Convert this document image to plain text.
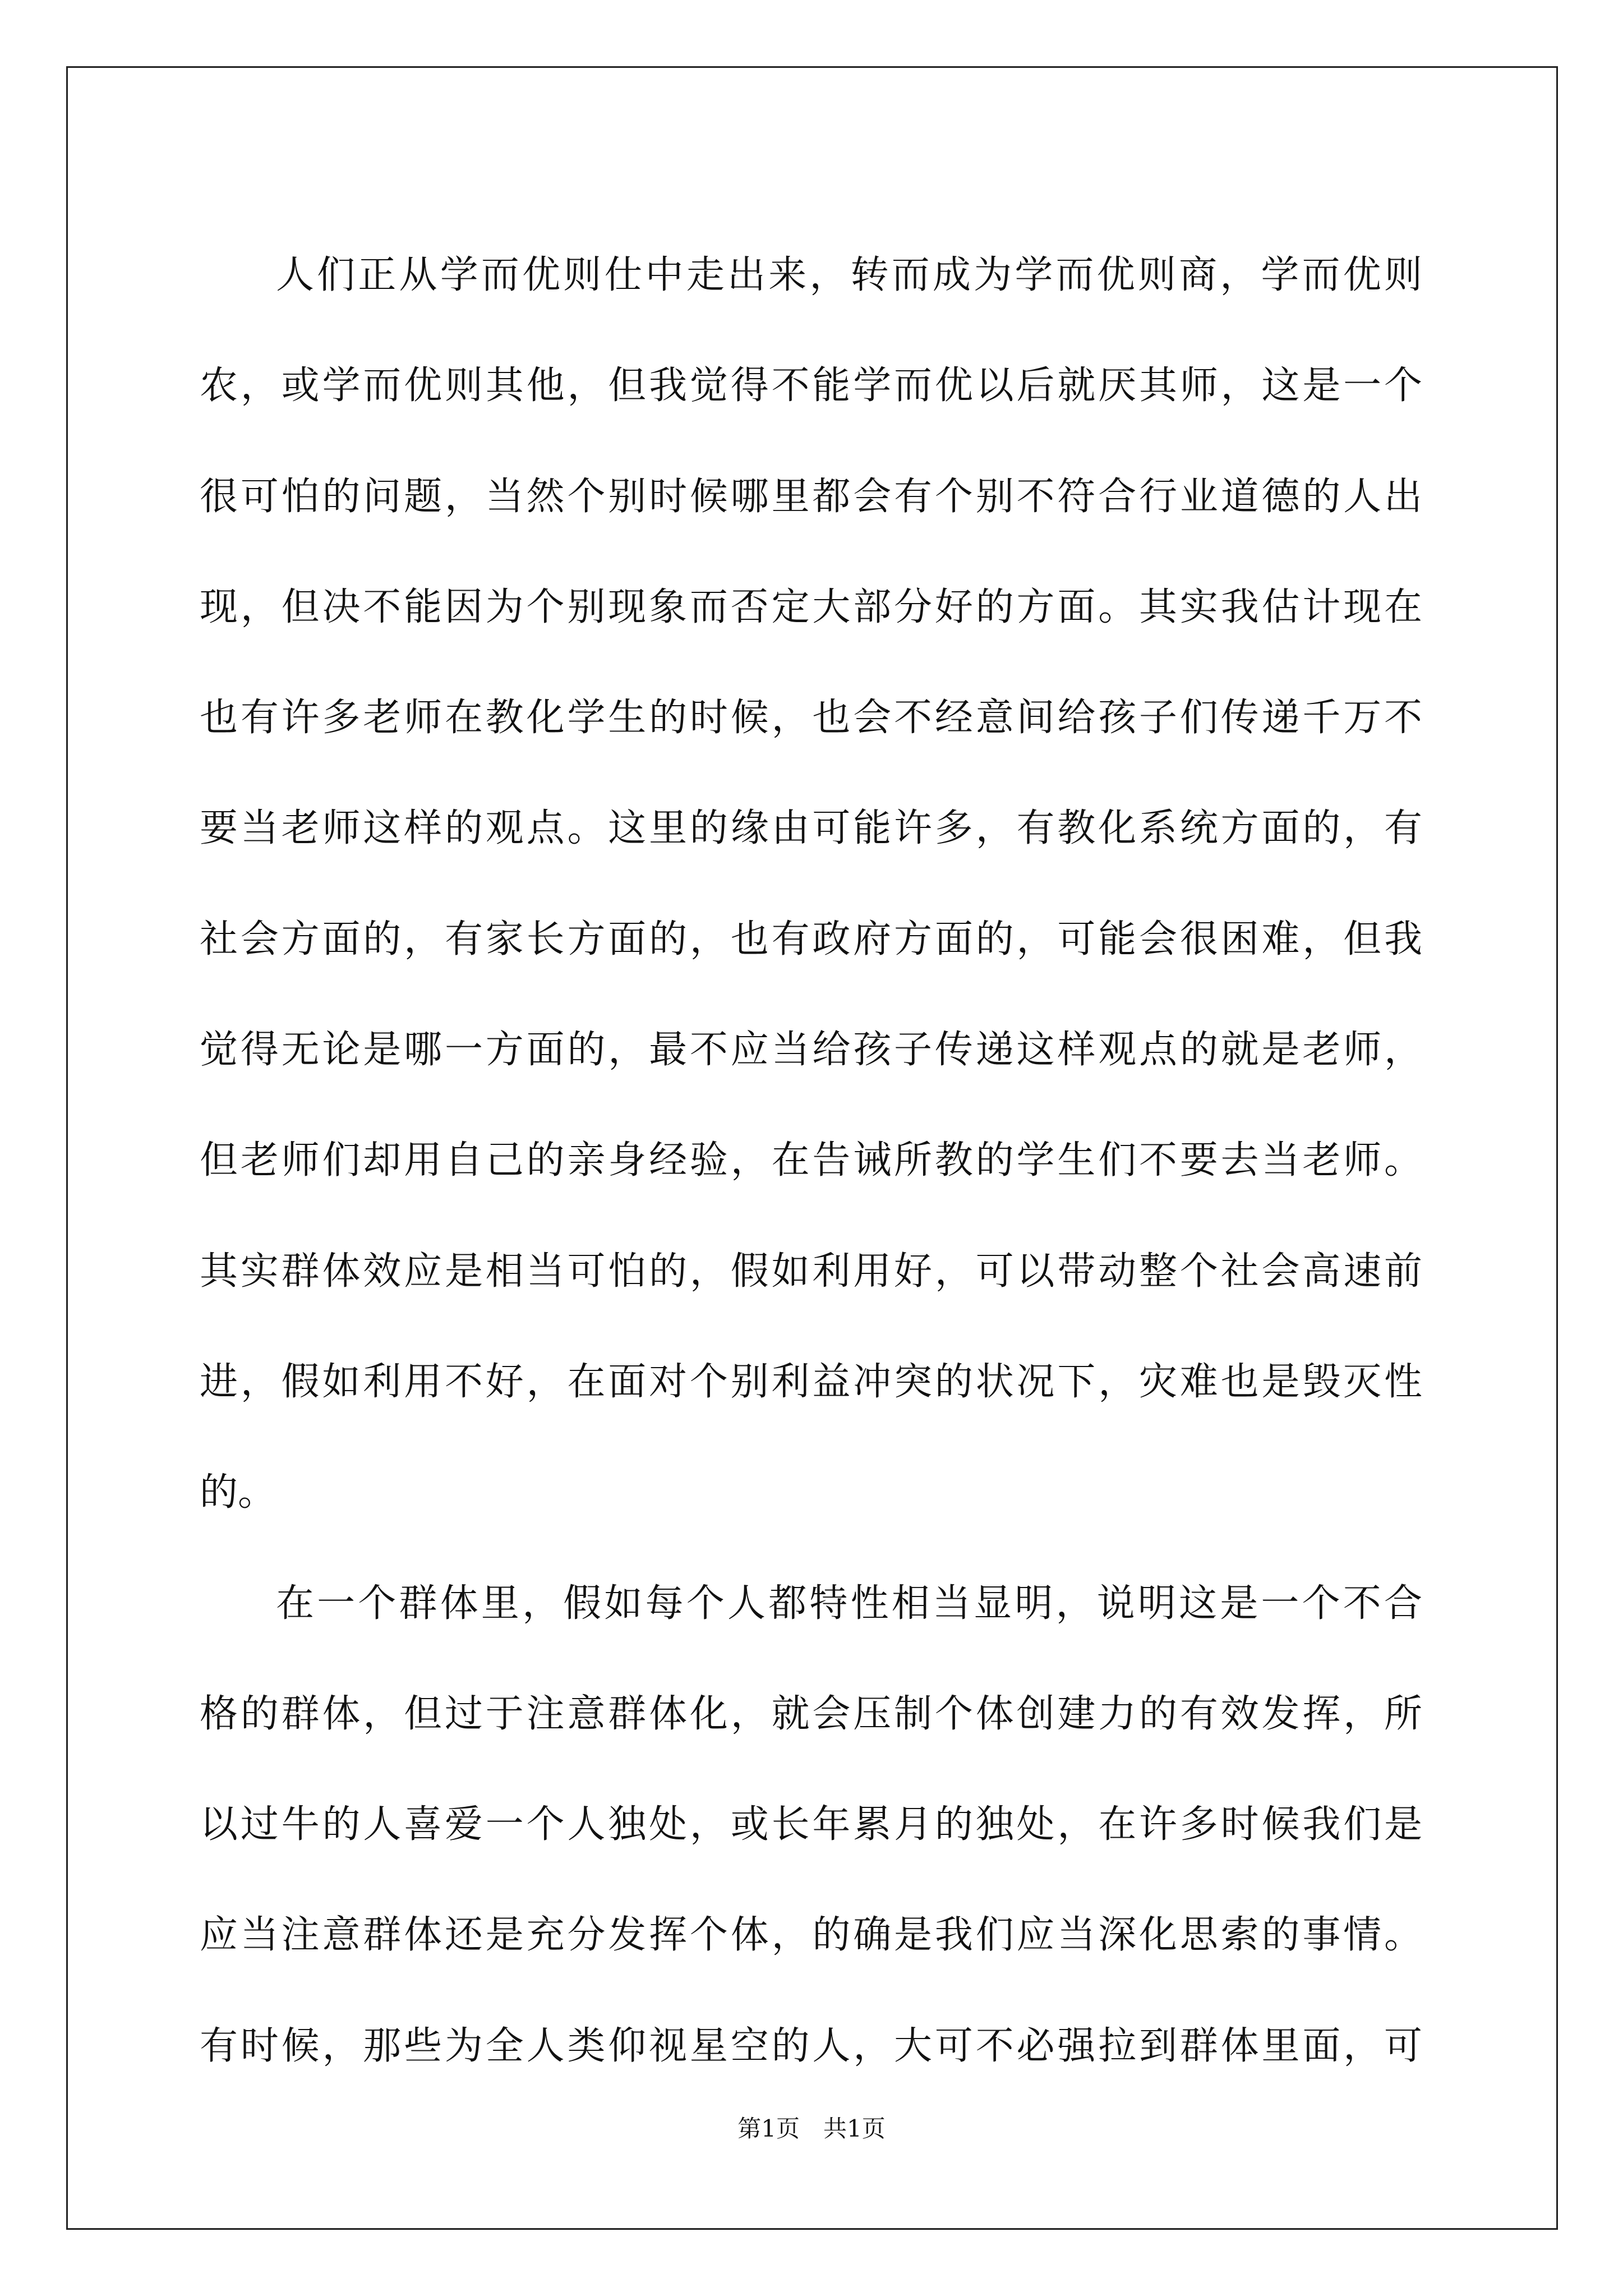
人们正从学而优则仕中走出来，转而成为学而优则商，学而优则
农，或学而优则其他，但我觉得不能学而优以后就厌其师，这是一个
很可怕的问题，当然个别时候哪里都会有个别不符合行业道德的人出
现，但决不能因为个别现象而否定大部分好的方面。其实我估计现在
也有许多老师在教化学生的时候，也会不经意间给孩子们传递千万不
要当老师这样的观点。这里的缘由可能许多，有教化系统方面的，有
社会方面的，有家长方面的，也有政府方面的，可能会很困难，但我
觉得无论是哪一方面的，最不应当给孩子传递这样观点的就是老师，
但老师们却用自己的亲身经验，在告诫所教的学生们不要去当老师。
其实群体效应是相当可怕的，假如利用好，可以带动整个社会高速前
进，假如利用不好，在面对个别利益冲突的状况下，灾难也是毁灭性
的。
在一个群体里，假如每个人都特性相当显明，说明这是一个不合
格的群体，但过于注意群体化，就会压制个体创建力的有效发挥，所
以过牛的人喜爱一个人独处，或长年累月的独处，在许多时候我们是
应当注意群体还是充分发挥个体，的确是我们应当深化思索的事情。
有时候，那些为全人类仰视星空的人，大可不必强拉到群体里面，可
第1页　共1页
